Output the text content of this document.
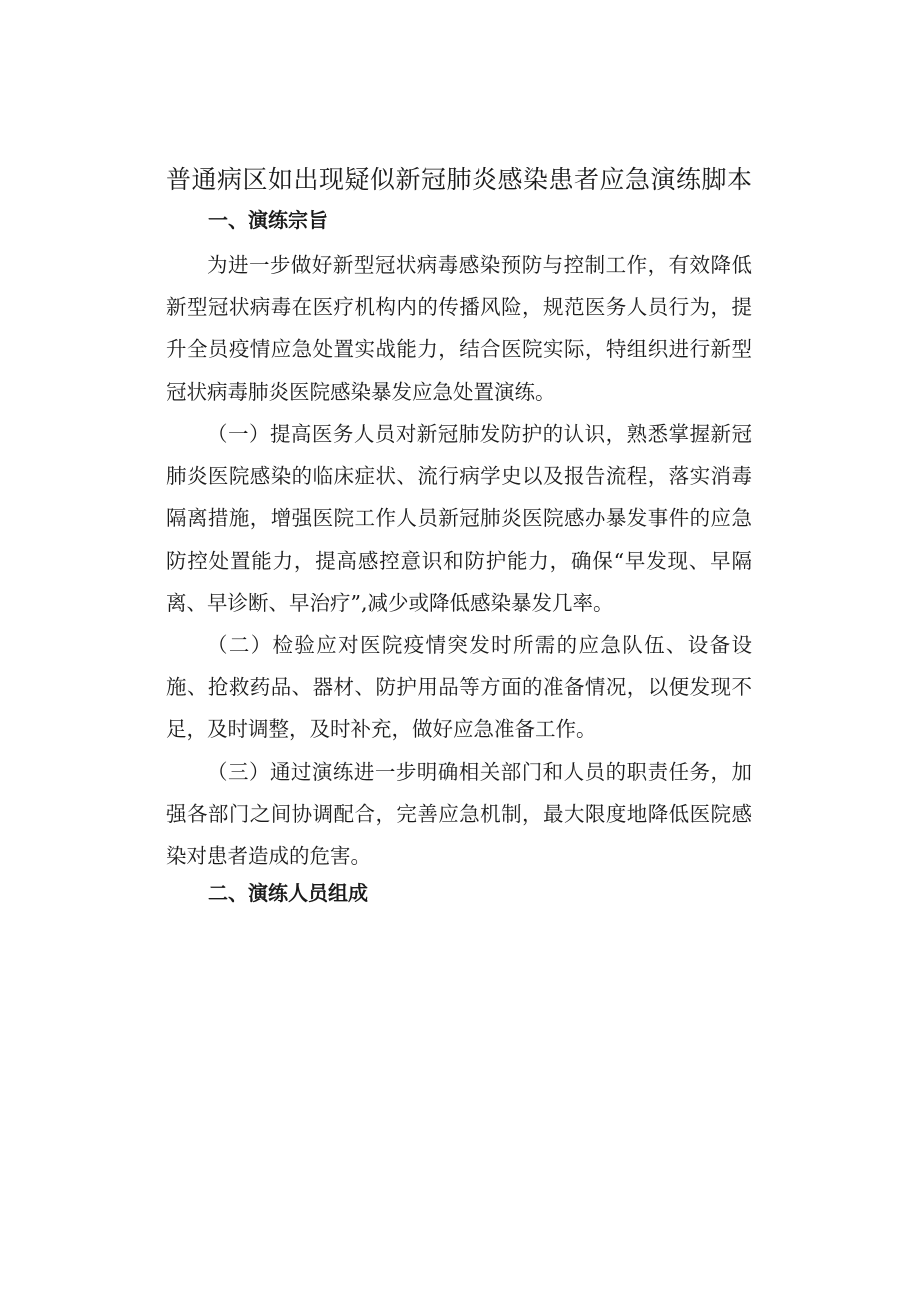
普通病区如出现疑似新冠肺炎感染患者应急演练脚本
一、演练宗旨

为进一步做好新型冠状病毒感染预防与控制工作，有效降低新型冠状病毒在医疗机构内的传播风险，规范医务人员行为，提升全员疫情应急处置实战能力，结合医院实际，特组织进行新型冠状病毒肺炎医院感染暴发应急处置演练。

（一）提高医务人员对新冠肺发防护的认识，熟悉掌握新冠肺炎医院感染的临床症状、流行病学史以及报告流程，落实消毒隔离措施，增强医院工作人员新冠肺炎医院感办暴发事件的应急防控处置能力，提高感控意识和防护能力，确保“早发现、早隔离、早诊断、早治疗”,减少或降低感染暴发几率。

（二）检验应对医院疫情突发时所需的应急队伍、设备设施、抢救药品、器材、防护用品等方面的准备情况，以便发现不足，及时调整，及时补充，做好应急准备工作。

（三）通过演练进一步明确相关部门和人员的职责任务，加强各部门之间协调配合，完善应急机制，最大限度地降低医院感染对患者造成的危害。

二、演练人员组成
